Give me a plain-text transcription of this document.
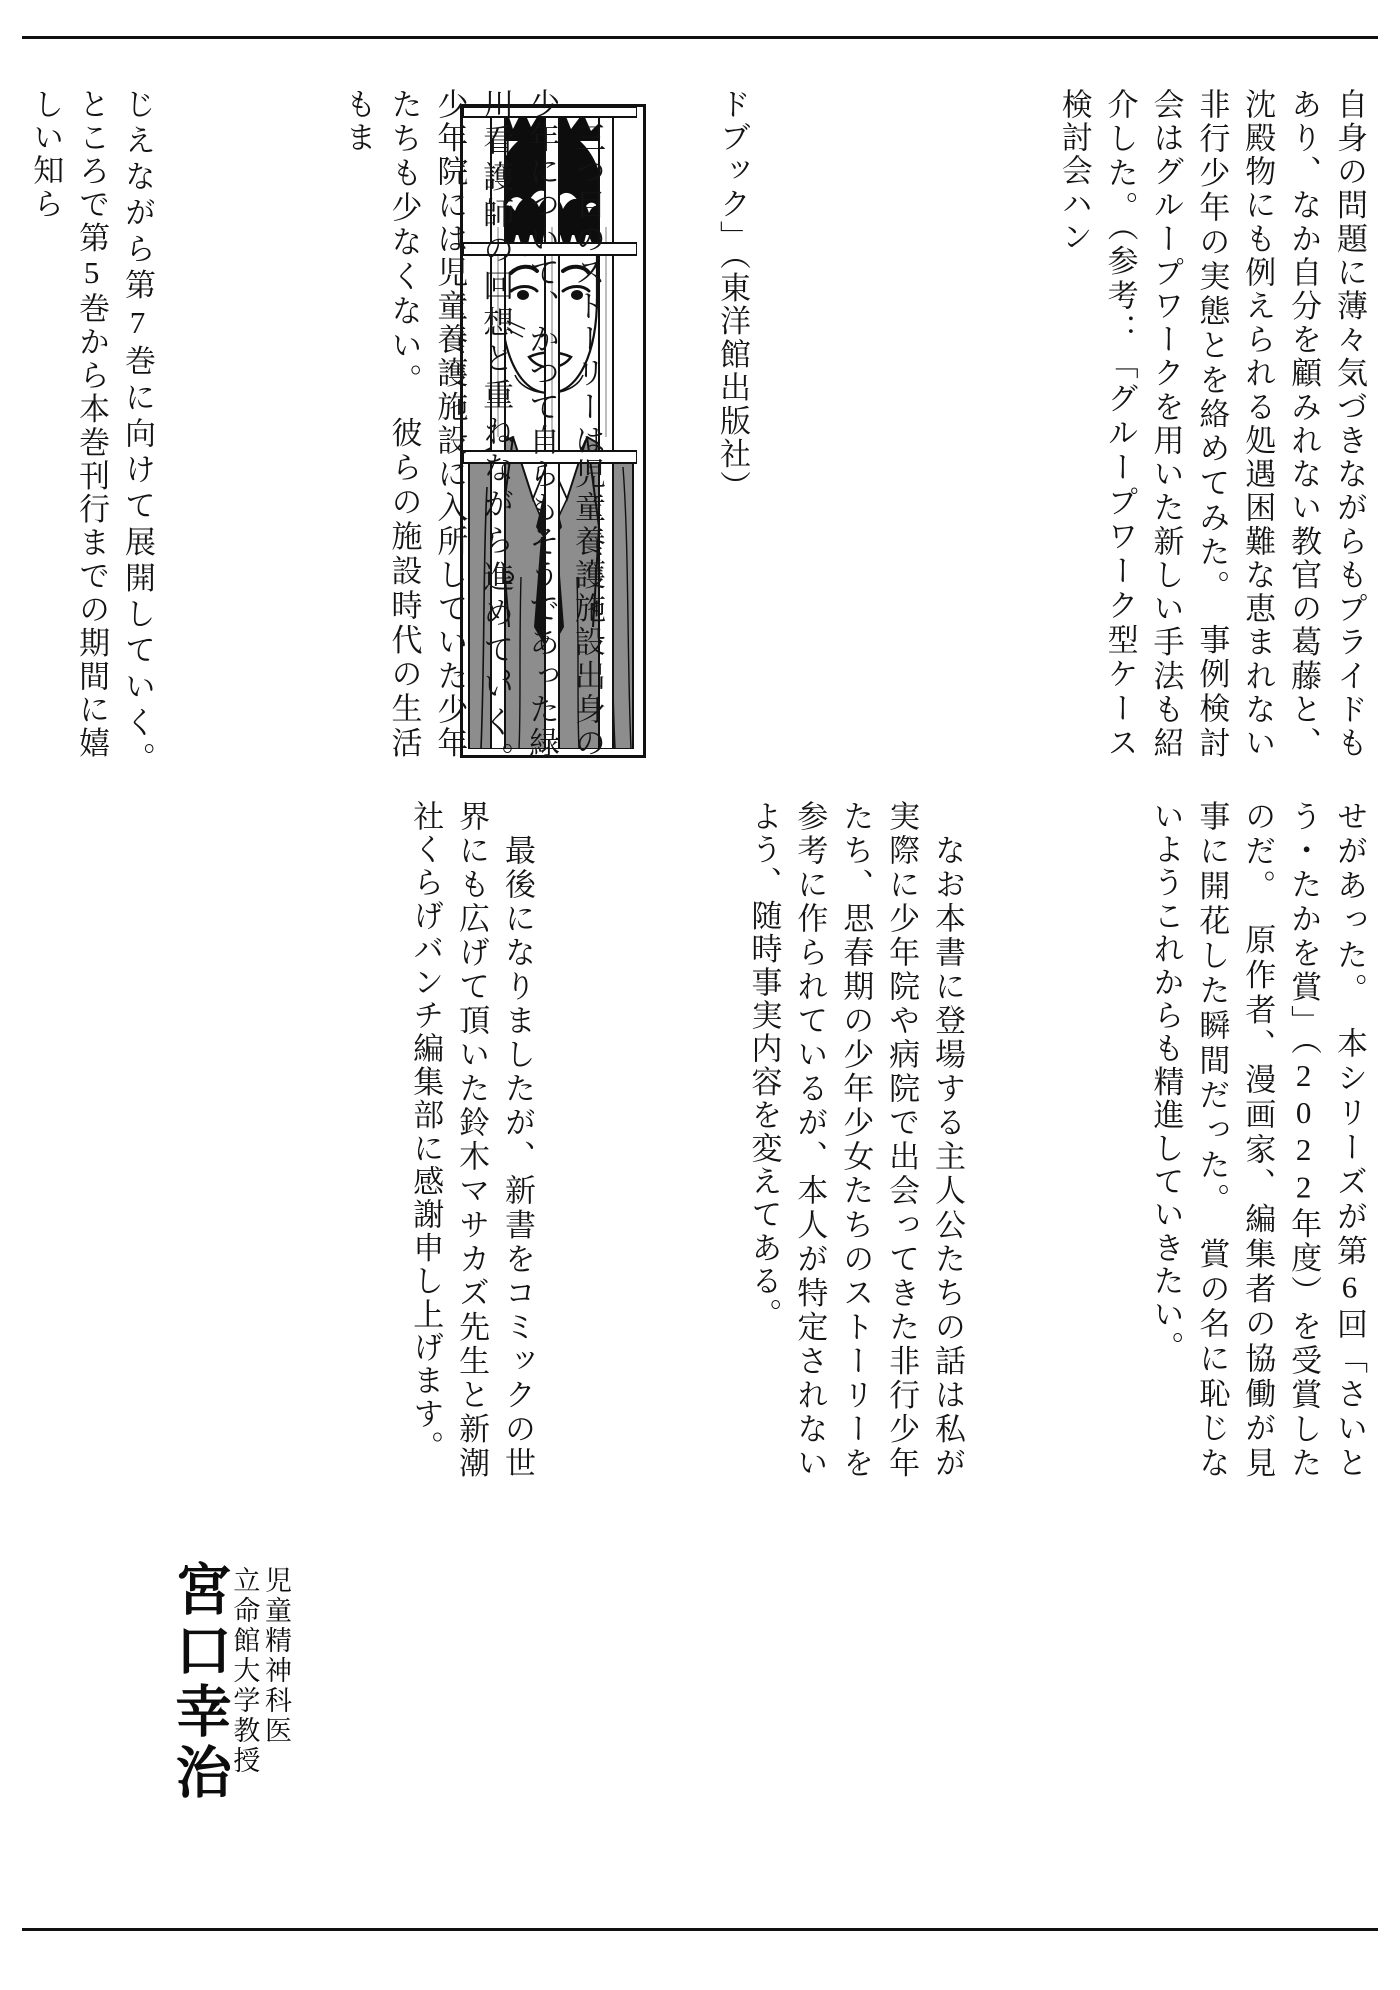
自身の問題に薄々気づきながらもプライドもあり、なか自分を顧みれない教官の葛藤と、沈殿物にも例えられる処遇困難な恵まれない非行少年の実態とを絡めてみた。　事例検討会はグループワークを用いた新しい手法も紹介した。（参考：「グループワーク型ケース検討会ハン
ドブック」（東洋館出版社）
　三つ目のストーリーは児童養護施設出身の少年について、かつて自らもそうであった緑川看護師の回想と重ねながら進めていく。　少年院には児童養護施設に入所していた少年たちも少なくない。　彼らの施設時代の生活もま
じえながら第7巻に向けて展開していく。　ところで第5巻から本巻刊行までの期間に嬉しい知ら
せがあった。　本シリーズが第6回「さいとう・たかを賞」（2022年度）を受賞したのだ。　原作者、漫画家、編集者の協働が見事に開花した瞬間だった。　賞の名に恥じないようこれからも精進していきたい。
　なお本書に登場する主人公たちの話は私が実際に少年院や病院で出会ってきた非行少年たち、思春期の少年少女たちのストーリーを参考に作られているが、本人が特定されないよう、随時事実内容を変えてある。
　最後になりましたが、新書をコミックの世界にも広げて頂いた鈴木マサカズ先生と新潮社くらげバンチ編集部に感謝申し上げます。
宮口幸治 立命館大学教授 児童精神科医
